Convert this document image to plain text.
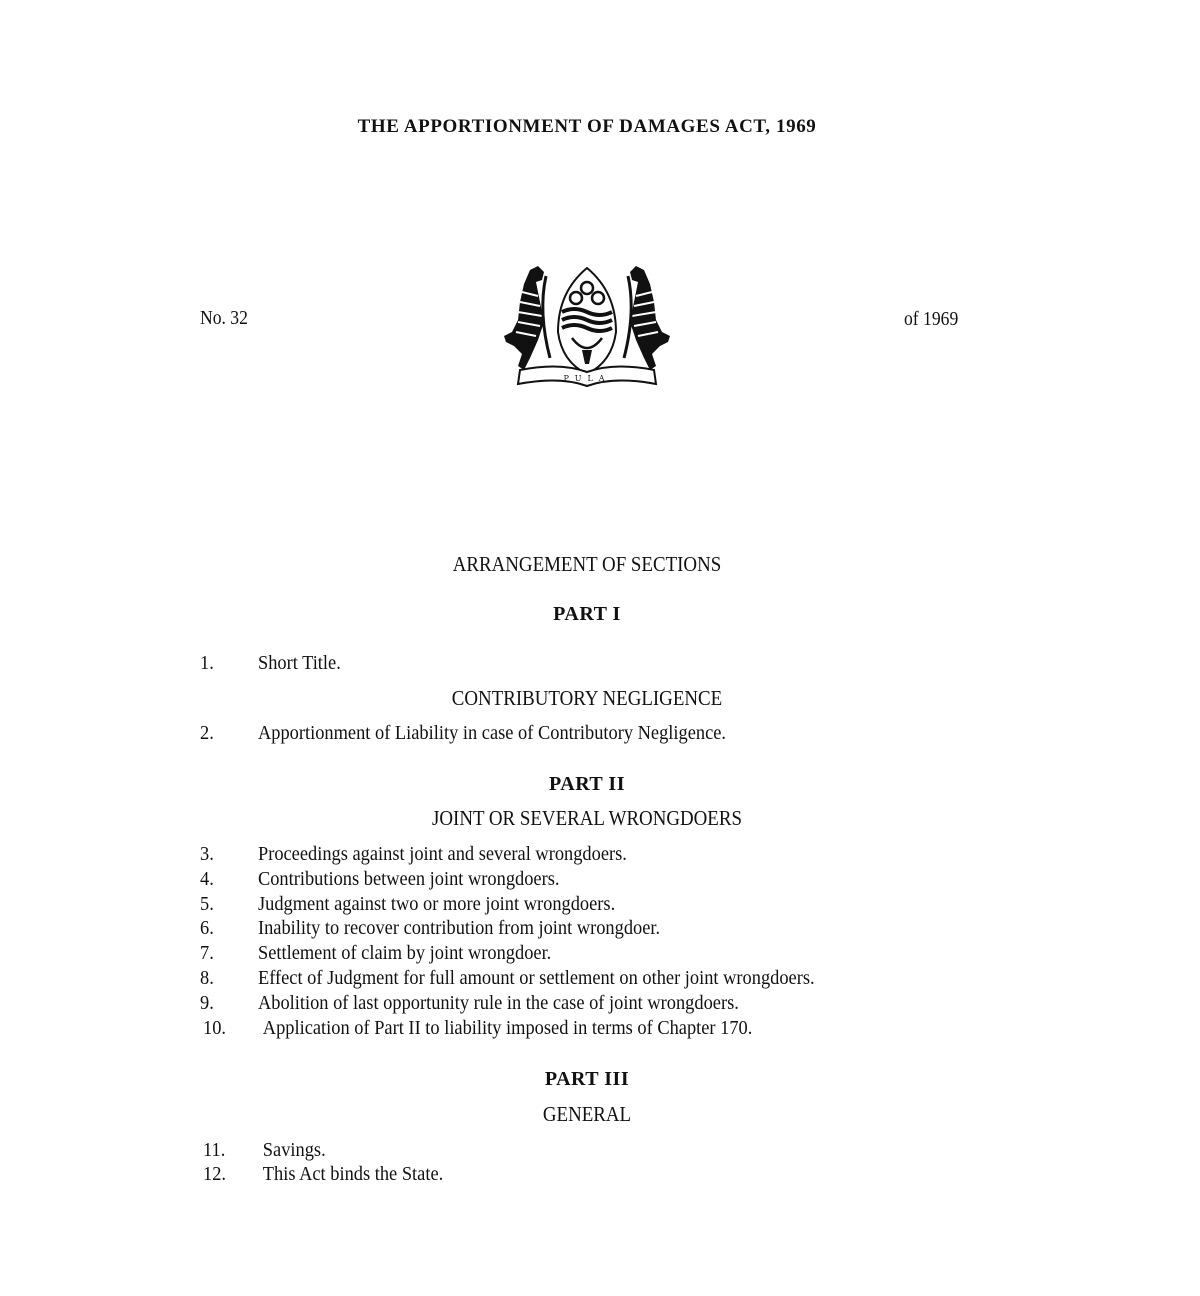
THE APPORTIONMENT OF DAMAGES ACT, 1969
No. 32
PULA
of 1969
ARRANGEMENT OF SECTIONS
PART I
1.	Short Title.
CONTRIBUTORY NEGLIGENCE
2.	Apportionment of Liability in case of Contributory Negligence.
PART II
JOINT OR SEVERAL WRONGDOERS
3.	Proceedings against joint and several wrongdoers.
4.	Contributions between joint wrongdoers.
5.	Judgment against two or more joint wrongdoers.
6.	Inability to recover contribution from joint wrongdoer.
7.	Settlement of claim by joint wrongdoer.
8.	Effect of Judgment for full amount or settlement on other joint wrongdoers.
9.	Abolition of last opportunity rule in the case of joint wrongdoers.
10.	Application of Part II to liability imposed in terms of Chapter 170.
PART III
GENERAL
11.	Savings.
12.	This Act binds the State.
